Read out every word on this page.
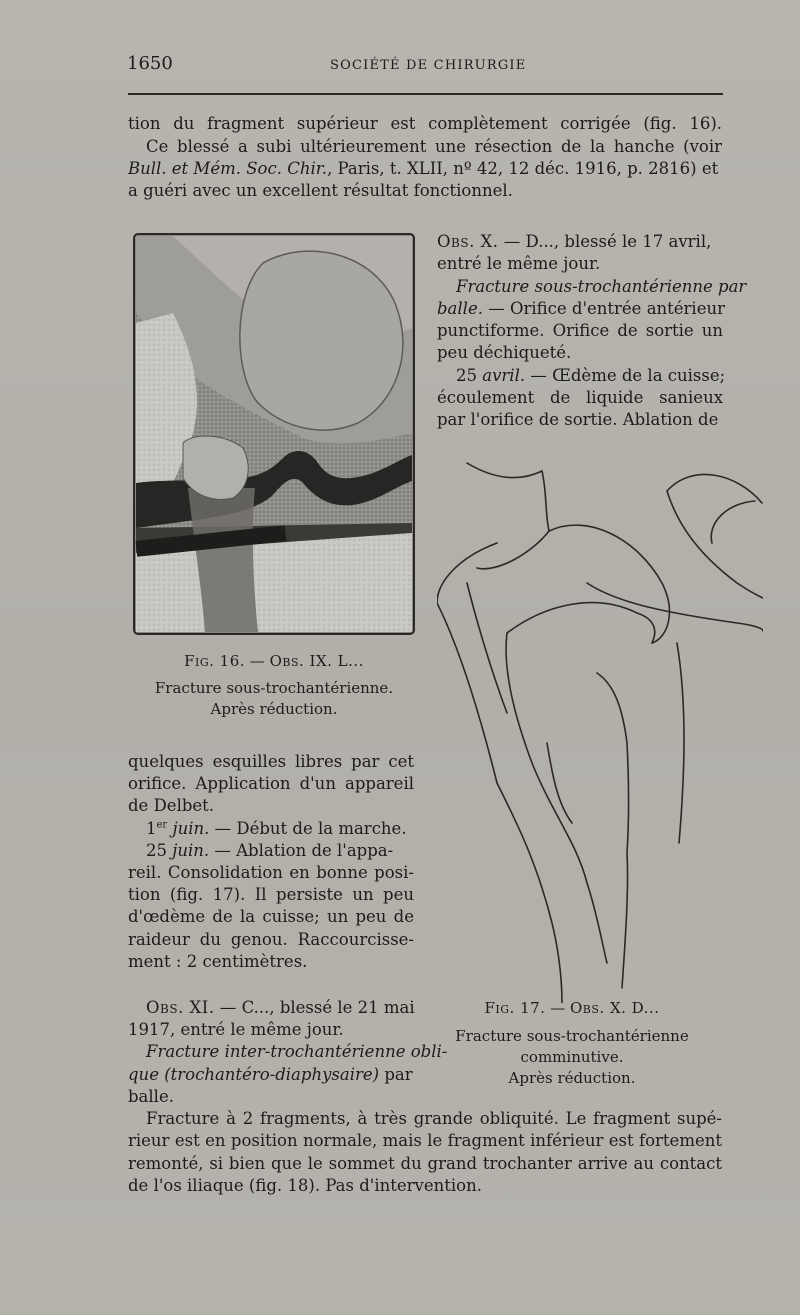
1650	SOCIÉTÉ DE CHIRURGIE
tion du fragment supérieur est complètement corrigée (fig. 16).
Ce blessé a subi ultérieurement une résection de la hanche (voir
Bull. et Mém. Soc. Chir., Paris, t. XLII, nº 42, 12 déc. 1916, p. 2816) et
a guéri avec un excellent résultat fonctionnel.
Fig. 16. — Obs. IX. L...
Fracture sous-trochantérienne.
Après réduction.
Obs. X. — D..., blessé le 17 avril,
entré le même jour.
Fracture sous-trochantérienne par
balle. — Orifice d'entrée antérieur
punctiforme. Orifice de sortie un
peu déchiqueté.
25 avril. — Œdème de la cuisse;
écoulement de liquide sanieux
par l'orifice de sortie. Ablation de
quelques esquilles libres par cet
orifice. Application d'un appareil
de Delbet.
1er juin. — Début de la marche.
25 juin. — Ablation de l'appa-
reil. Consolidation en bonne posi-
tion (fig. 17). Il persiste un peu
d'œdème de la cuisse; un peu de
raideur du genou. Raccourcisse-
ment : 2 centimètres.
Obs. XI. — C..., blessé le 21 mai
1917, entré le même jour.
Fracture inter-trochantérienne obli-
que (trochantéro-diaphysaire) par
balle.
Fig. 17. — Obs. X. D...
Fracture sous-trochantérienne
comminutive.
Après réduction.
Fracture à 2 fragments, à très grande obliquité. Le fragment supé-
rieur est en position normale, mais le fragment inférieur est fortement
remonté, si bien que le sommet du grand trochanter arrive au contact
de l'os iliaque (fig. 18). Pas d'intervention.
